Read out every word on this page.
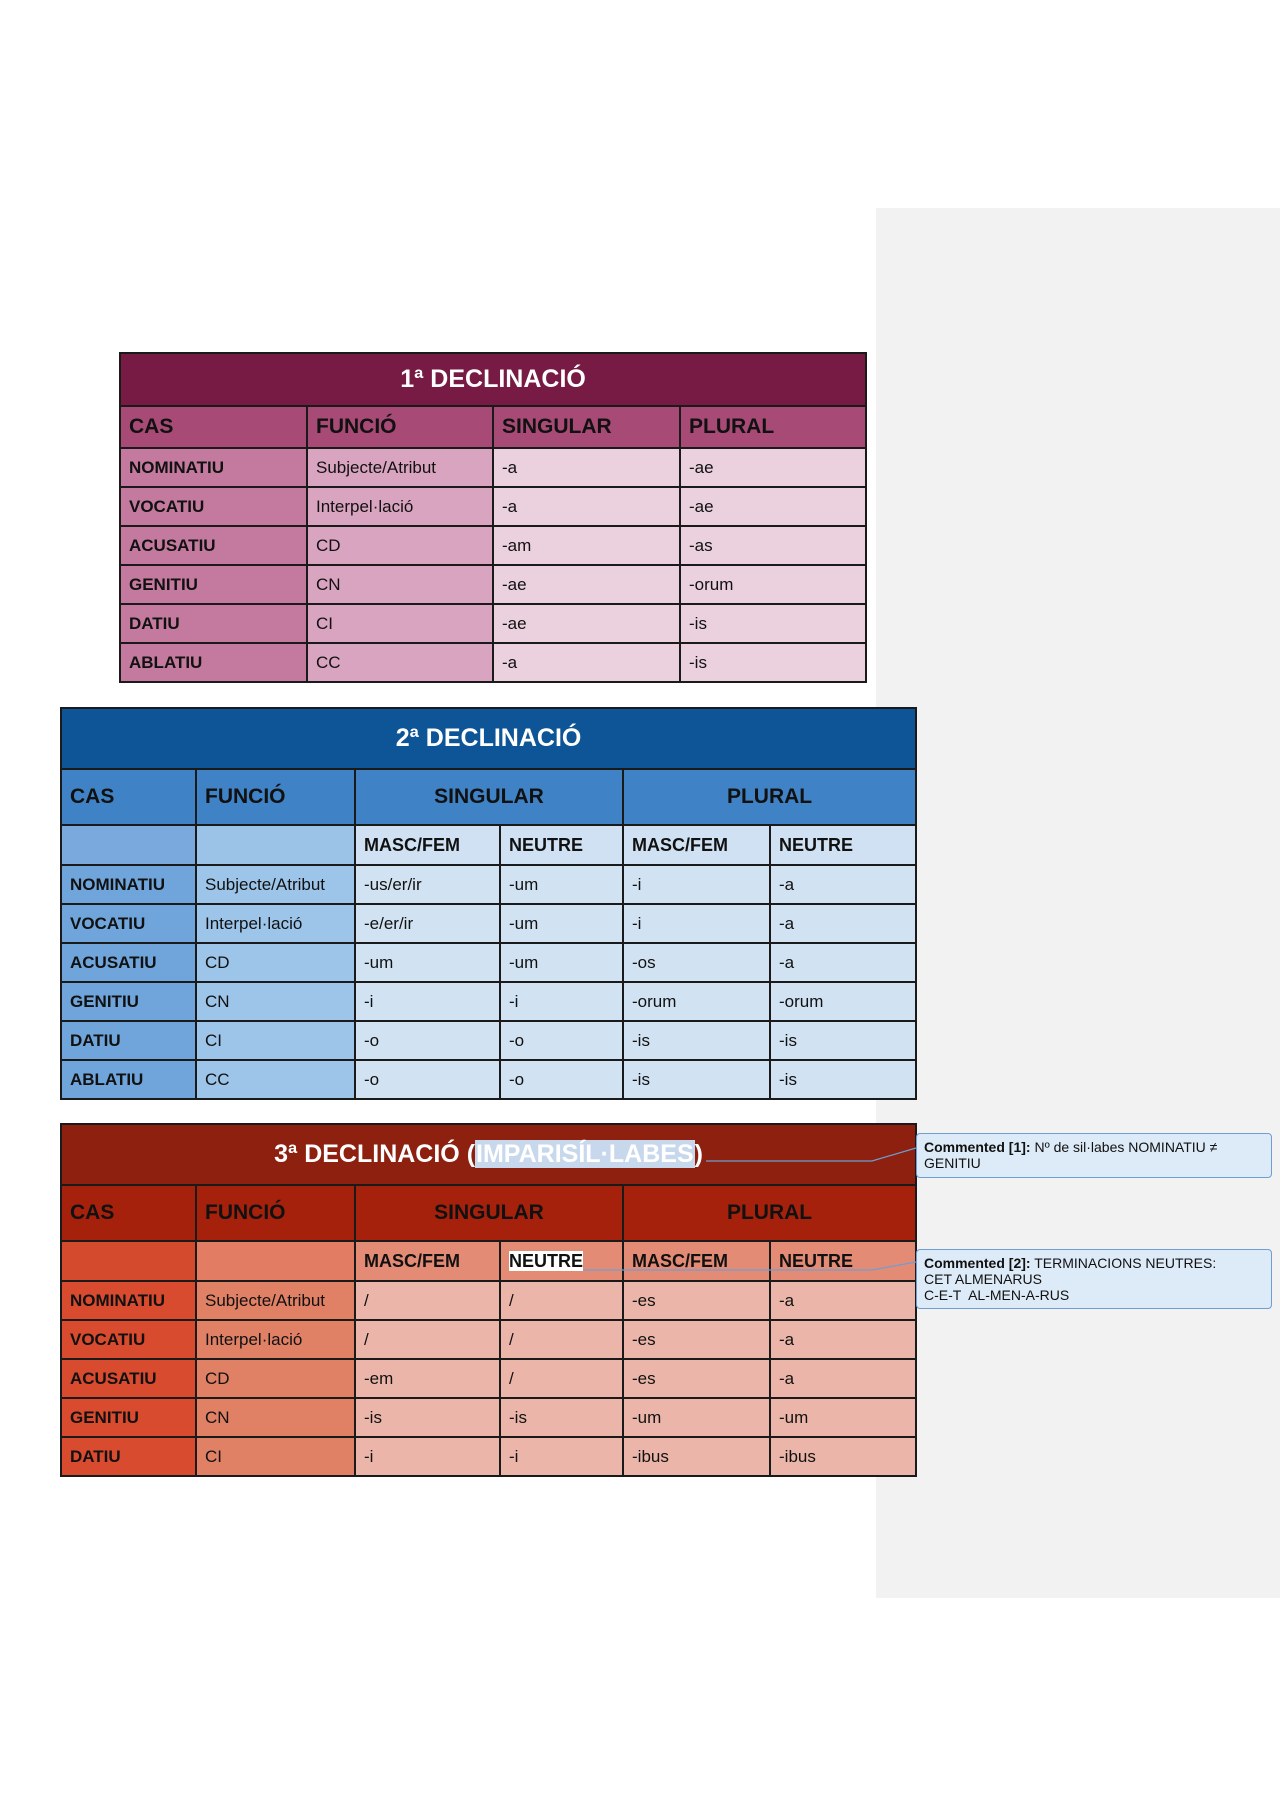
1ª DECLINACIÓ			
CAS	FUNCIÓ	SINGULAR	PLURAL
NOMINATIU	Subjecte/Atribut	-a	-ae
VOCATIU	Interpel·lació	-a	-ae
ACUSATIU	CD	-am	-as
GENITIU	CN	-ae	-orum
DATIU	CI	-ae	-is
ABLATIU	CC	-a	-is
2ª DECLINACIÓ					
CAS	FUNCIÓ	SINGULAR		PLURAL	
		MASC/FEM	NEUTRE	MASC/FEM	NEUTRE
NOMINATIU	Subjecte/Atribut	-us/er/ir	-um	-i	-a
VOCATIU	Interpel·lació	-e/er/ir	-um	-i	-a
ACUSATIU	CD	-um	-um	-os	-a
GENITIU	CN	-i	-i	-orum	-orum
DATIU	CI	-o	-o	-is	-is
ABLATIU	CC	-o	-o	-is	-is
3ª DECLINACIÓ (IMPARISÍL·LABES)					
CAS	FUNCIÓ	SINGULAR		PLURAL	
		MASC/FEM	NEUTRE	MASC/FEM	NEUTRE
NOMINATIU	Subjecte/Atribut	/	/	-es	-a
VOCATIU	Interpel·lació	/	/	-es	-a
ACUSATIU	CD	-em	/	-es	-a
GENITIU	CN	-is	-is	-um	-um
DATIU	CI	-i	-i	-ibus	-ibus
Commented [1]: Nº de sil·labes NOMINATIU ≠ GENITIU
Commented [2]: TERMINACIONS NEUTRES:
CET ALMENARUS
C-E-T  AL-MEN-A-RUS
